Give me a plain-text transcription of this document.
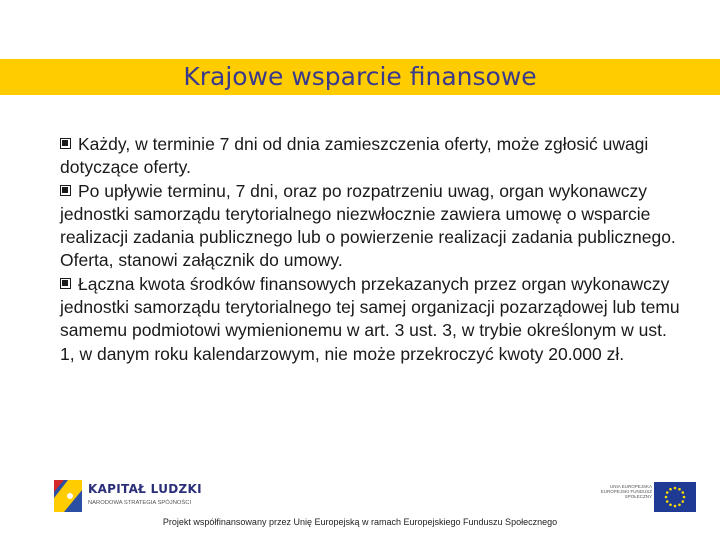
Krajowe wsparcie finansowe

Każdy, w terminie 7 dni od dnia zamieszczenia oferty, może zgłosić uwagi dotyczące oferty.

Po upływie terminu, 7 dni, oraz po rozpatrzeniu uwag, organ wykonawczy jednostki samorządu terytorialnego niezwłocznie zawiera umowę o wsparcie realizacji zadania publicznego lub o powierzenie realizacji zadania publicznego. Oferta, stanowi załącznik do umowy.

Łączna kwota środków finansowych przekazanych przez organ wykonawczy jednostki samorządu terytorialnego tej samej organizacji pozarządowej lub temu samemu podmiotowi wymienionemu w art. 3 ust. 3, w trybie określonym w ust. 1, w danym roku kalendarzowym, nie może przekroczyć kwoty 20.000 zł.

KAPITAŁ LUDZKI
NARODOWA STRATEGIA SPÓJNOŚCI
UNIA EUROPEJSKA EUROPEJSKI FUNDUSZ SPOŁECZNY
Projekt współfinansowany przez Unię Europejską w ramach Europejskiego Funduszu Społecznego
